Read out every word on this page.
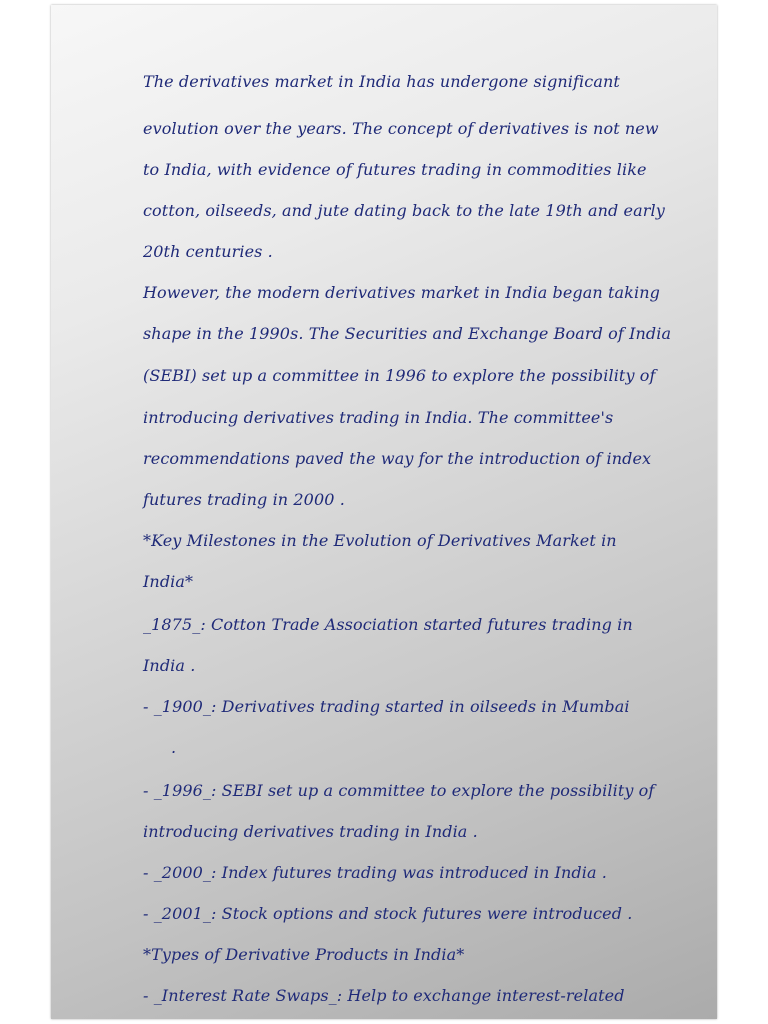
The derivatives market in India has undergone significant

evolution over the years. The concept of derivatives is not new

to India, with evidence of futures trading in commodities like

cotton, oilseeds, and jute dating back to the late 19th and early

20th centuries .

However, the modern derivatives market in India began taking

shape in the 1990s. The Securities and Exchange Board of India

(SEBI) set up a committee in 1996 to explore the possibility of

introducing derivatives trading in India. The committee's

recommendations paved the way for the introduction of index

futures trading in 2000 .

*Key Milestones in the Evolution of Derivatives Market in

India*

_1875_: Cotton Trade Association started futures trading in

India .

- _1900_: Derivatives trading started in oilseeds in Mumbai

.

- _1996_: SEBI set up a committee to explore the possibility of

introducing derivatives trading in India .

- _2000_: Index futures trading was introduced in India .

- _2001_: Stock options and stock futures were introduced .

*Types of Derivative Products in India*

- _Interest Rate Swaps_: Help to exchange interest-related
